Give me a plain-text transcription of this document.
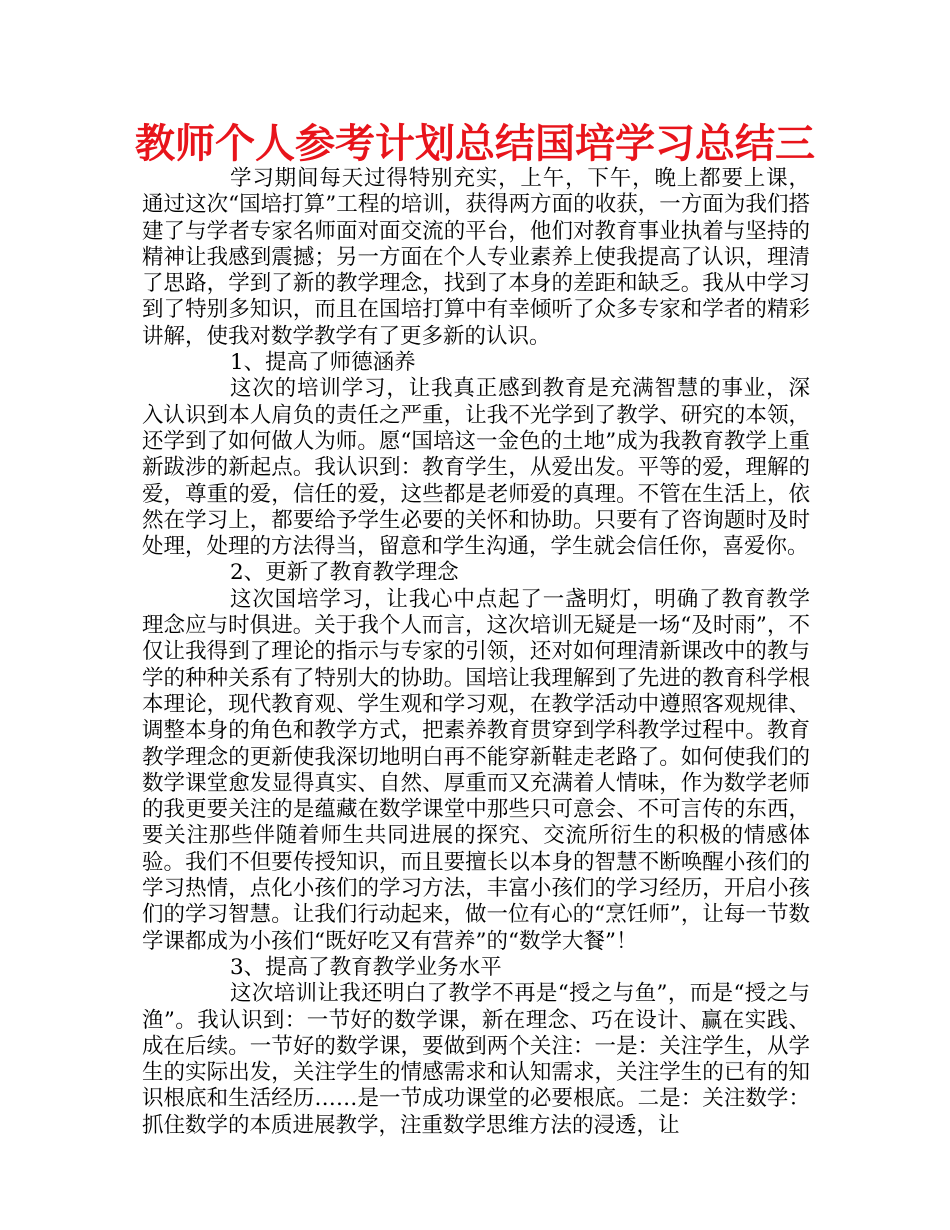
教师个人参考计划总结国培学习总结三

学习期间每天过得特别充实，上午，下午，晚上都要上课，通过这次“国培打算”工程的培训，获得两方面的收获，一方面为我们搭建了与学者专家名师面对面交流的平台，他们对教育事业执着与坚持的精神让我感到震撼；另一方面在个人专业素养上使我提高了认识，理清了思路，学到了新的教学理念，找到了本身的差距和缺乏。我从中学习到了特别多知识，而且在国培打算中有幸倾听了众多专家和学者的精彩讲解，使我对数学教学有了更多新的认识。

1、提高了师德涵养

这次的培训学习，让我真正感到教育是充满智慧的事业，深入认识到本人肩负的责任之严重，让我不光学到了教学、研究的本领，还学到了如何做人为师。愿“国培这一金色的土地”成为我教育教学上重新跋涉的新起点。我认识到：教育学生，从爱出发。平等的爱，理解的爱，尊重的爱，信任的爱，这些都是老师爱的真理。不管在生活上，依然在学习上，都要给予学生必要的关怀和协助。只要有了咨询题时及时处理，处理的方法得当，留意和学生沟通，学生就会信任你，喜爱你。

2、更新了教育教学理念

这次国培学习，让我心中点起了一盏明灯，明确了教育教学理念应与时俱进。关于我个人而言，这次培训无疑是一场“及时雨”，不仅让我得到了理论的指示与专家的引领，还对如何理清新课改中的教与学的种种关系有了特别大的协助。国培让我理解到了先进的教育科学根本理论，现代教育观、学生观和学习观，在教学活动中遵照客观规律、调整本身的角色和教学方式，把素养教育贯穿到学科教学过程中。教育教学理念的更新使我深切地明白再不能穿新鞋走老路了。如何使我们的数学课堂愈发显得真实、自然、厚重而又充满着人情味，作为数学老师的我更要关注的是蕴藏在数学课堂中那些只可意会、不可言传的东西，要关注那些伴随着师生共同进展的探究、交流所衍生的积极的情感体验。我们不但要传授知识，而且要擅长以本身的智慧不断唤醒小孩们的学习热情，点化小孩们的学习方法，丰富小孩们的学习经历，开启小孩们的学习智慧。让我们行动起来，做一位有心的“烹饪师”，让每一节数学课都成为小孩们“既好吃又有营养”的“数学大餐”！

3、提高了教育教学业务水平

这次培训让我还明白了教学不再是“授之与鱼”，而是“授之与渔”。我认识到：一节好的数学课，新在理念、巧在设计、赢在实践、成在后续。一节好的数学课，要做到两个关注：一是：关注学生，从学生的实际出发，关注学生的情感需求和认知需求，关注学生的已有的知识根底和生活经历……是一节成功课堂的必要根底。二是：关注数学：抓住数学的本质进展教学，注重数学思维方法的浸透，让
